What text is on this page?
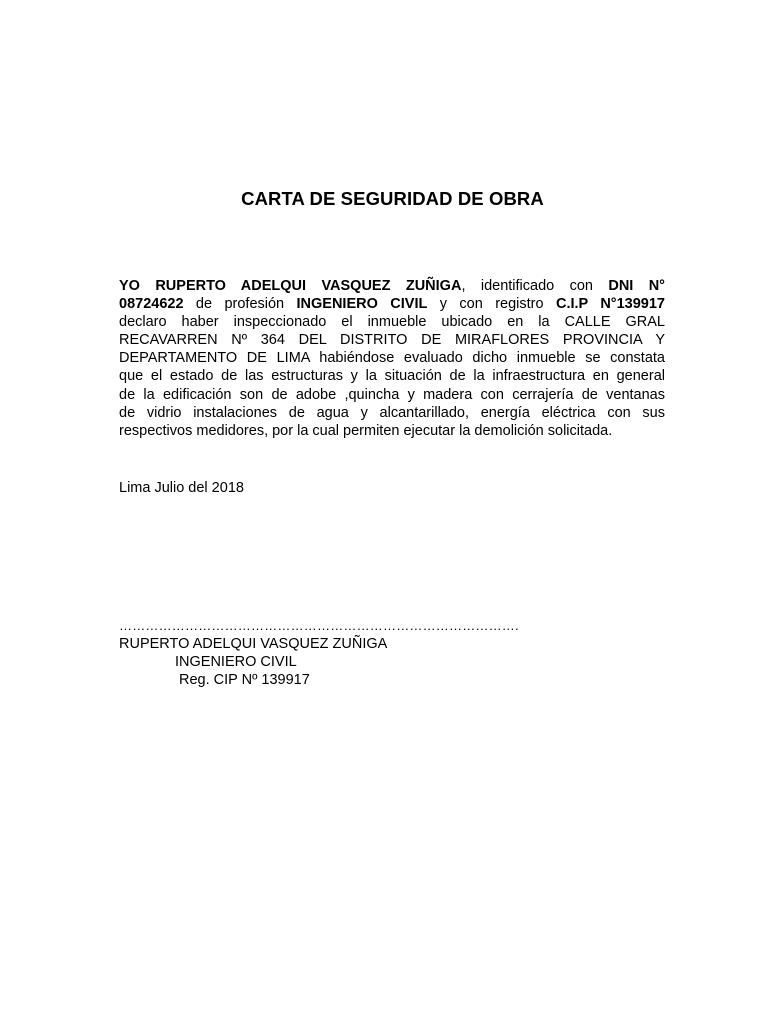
CARTA DE SEGURIDAD DE OBRA
YO RUPERTO ADELQUI VASQUEZ ZUÑIGA, identificado con DNI N°
08724622 de profesión INGENIERO CIVIL y con registro C.I.P N°139917
declaro haber inspeccionado el inmueble ubicado en la CALLE GRAL
RECAVARREN Nº 364 DEL DISTRITO DE MIRAFLORES PROVINCIA Y
DEPARTAMENTO DE LIMA habiéndose evaluado dicho inmueble se constata
que el estado de las estructuras y la situación de la infraestructura en general
de la edificación son de adobe ,quincha y madera con cerrajería de ventanas
de vidrio instalaciones de agua y alcantarillado, energía eléctrica con sus
respectivos medidores, por la cual permiten ejecutar la demolición solicitada.
Lima Julio del 2018
……………………………………………………………………………….
RUPERTO ADELQUI VASQUEZ ZUÑIGA
INGENIERO CIVIL
Reg. CIP Nº 139917
